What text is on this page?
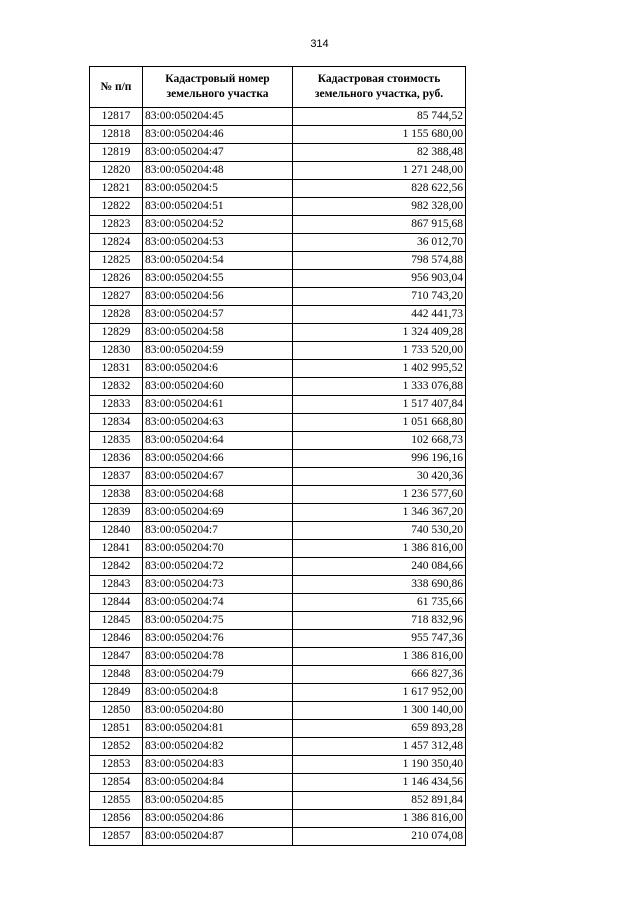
314
№ п/п	Кадастровый номер земельного участка	Кадастровая стоимость земельного участка, руб.
12817	83:00:050204:45	85 744,52
12818	83:00:050204:46	1 155 680,00
12819	83:00:050204:47	82 388,48
12820	83:00:050204:48	1 271 248,00
12821	83:00:050204:5	828 622,56
12822	83:00:050204:51	982 328,00
12823	83:00:050204:52	867 915,68
12824	83:00:050204:53	36 012,70
12825	83:00:050204:54	798 574,88
12826	83:00:050204:55	956 903,04
12827	83:00:050204:56	710 743,20
12828	83:00:050204:57	442 441,73
12829	83:00:050204:58	1 324 409,28
12830	83:00:050204:59	1 733 520,00
12831	83:00:050204:6	1 402 995,52
12832	83:00:050204:60	1 333 076,88
12833	83:00:050204:61	1 517 407,84
12834	83:00:050204:63	1 051 668,80
12835	83:00:050204:64	102 668,73
12836	83:00:050204:66	996 196,16
12837	83:00:050204:67	30 420,36
12838	83:00:050204:68	1 236 577,60
12839	83:00:050204:69	1 346 367,20
12840	83:00:050204:7	740 530,20
12841	83:00:050204:70	1 386 816,00
12842	83:00:050204:72	240 084,66
12843	83:00:050204:73	338 690,86
12844	83:00:050204:74	61 735,66
12845	83:00:050204:75	718 832,96
12846	83:00:050204:76	955 747,36
12847	83:00:050204:78	1 386 816,00
12848	83:00:050204:79	666 827,36
12849	83:00:050204:8	1 617 952,00
12850	83:00:050204:80	1 300 140,00
12851	83:00:050204:81	659 893,28
12852	83:00:050204:82	1 457 312,48
12853	83:00:050204:83	1 190 350,40
12854	83:00:050204:84	1 146 434,56
12855	83:00:050204:85	852 891,84
12856	83:00:050204:86	1 386 816,00
12857	83:00:050204:87	210 074,08
